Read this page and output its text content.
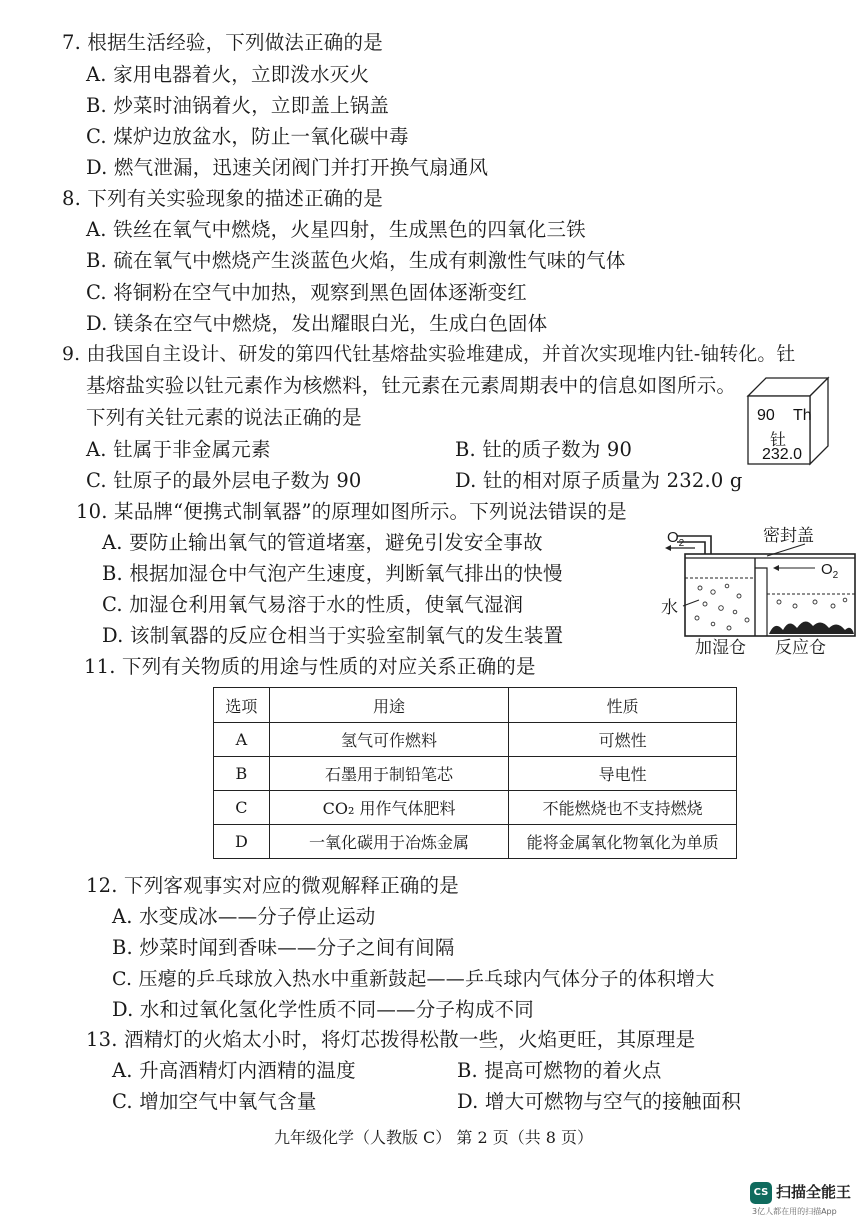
7. 根据生活经验，下列做法正确的是
A. 家用电器着火，立即泼水灭火
B. 炒菜时油锅着火，立即盖上锅盖
C. 煤炉边放盆水，防止一氧化碳中毒
D. 燃气泄漏，迅速关闭阀门并打开换气扇通风
8. 下列有关实验现象的描述正确的是
A. 铁丝在氧气中燃烧，火星四射，生成黑色的四氧化三铁
B. 硫在氧气中燃烧产生淡蓝色火焰，生成有刺激性气味的气体
C. 将铜粉在空气中加热，观察到黑色固体逐渐变红
D. 镁条在空气中燃烧，发出耀眼白光，生成白色固体
9. 由我国自主设计、研发的第四代钍基熔盐实验堆建成，并首次实现堆内钍-铀转化。钍
基熔盐实验以钍元素作为核燃料，钍元素在元素周期表中的信息如图所示。
下列有关钍元素的说法正确的是
A. 钍属于非金属元素	B. 钍的质子数为 90
C. 钍原子的最外层电子数为 90	D. 钍的相对原子质量为 232.0 g
90 Th
钍
232.0
10. 某品牌“便携式制氧器”的原理如图所示。下列说法错误的是
A. 要防止输出氧气的管道堵塞，避免引发安全事故
B. 根据加湿仓中气泡产生速度，判断氧气排出的快慢
C. 加湿仓利用氧气易溶于水的性质，使氧气湿润
D. 该制氧器的反应仓相当于实验室制氧气的发生装置
$O_2$	密封盖
$O_2$
水
加湿仓 反应仓
11. 下列有关物质的用途与性质的对应关系正确的是
选项	用途	性质
A	氢气可作燃料	可燃性
B	石墨用于制铅笔芯	导电性
C	CO₂ 用作气体肥料	不能燃烧也不支持燃烧
D	一氧化碳用于冶炼金属	能将金属氧化物氧化为单质
12. 下列客观事实对应的微观解释正确的是
A. 水变成冰——分子停止运动
B. 炒菜时闻到香味——分子之间有间隔
C. 压瘪的乒乓球放入热水中重新鼓起——乒乓球内气体分子的体积增大
D. 水和过氧化氢化学性质不同——分子构成不同
13. 酒精灯的火焰太小时，将灯芯拨得松散一些，火焰更旺，其原理是
A. 升高酒精灯内酒精的温度	B. 提高可燃物的着火点
C. 增加空气中氧气含量	D. 增大可燃物与空气的接触面积
九年级化学（人教版 C） 第 2 页（共 8 页）
CS 扫描全能王
3亿人都在用的扫描App
